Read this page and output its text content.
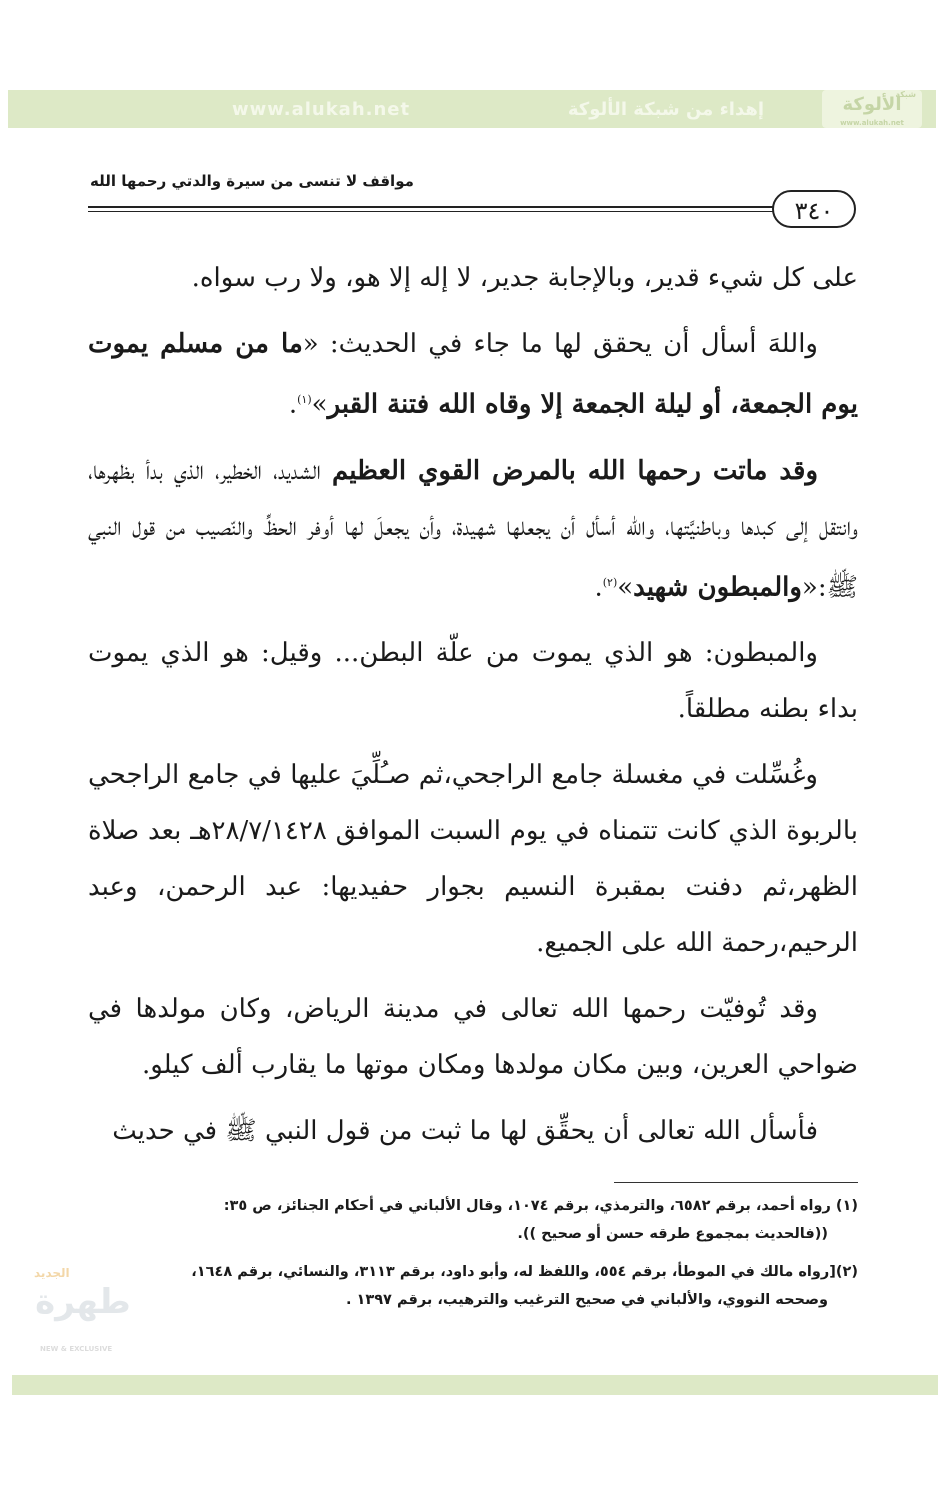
www.alukah.net	إهداء من شبكة الألوكة
شبكة
الألوكة
www.alukah.net
مواقف لا تنسى من سيرة والدتي رحمها الله
٣٤٠

على كل شيء قدير، وبالإجابة جدير، لا إله إلا هو، ولا رب سواه.

واللهَ أسأل أن يحقق لها ما جاء في الحديث: «ما من مسلم يموت يوم الجمعة، أو ليلة الجمعة إلا وقاه الله فتنة القبر»$^{(١)}$.

وقد ماتت رحمها الله بالمرض القوي العظيم الشديد، الخطير، الذي بدأ بظهرها، وانتقل إلى كبدها وباطنيَّتها، والله أسأل أن يجعلها شهيدة، وأن يجعلَ لها أوفر الحظِّ والنّصيب من قول النبي ﷺ:«والمبطون شهيد»$^{(٢)}$.

والمبطون: هو الذي يموت من علّة البطن... وقيل: هو الذي يموت بداء بطنه مطلقاً.

وغُسِّلت في مغسلة جامع الراجحي،ثم صـُلِّيَ عليها في جامع الراجحي بالربوة الذي كانت تتمناه في يوم السبت الموافق ٢٨/٧/١٤٢٨هـ بعد صلاة الظهر،ثم دفنت بمقبرة النسيم بجوار حفيديها: عبد الرحمن، وعبد الرحيم،رحمة الله على الجميع.

وقد تُوفيّت رحمها الله تعالى في مدينة الرياض، وكان مولدها في ضواحي العرين، وبين مكان مولدها ومكان موتها ما يقارب ألف كيلو.

فأسأل الله تعالى أن يحقِّق لها ما ثبت من قول النبي ﷺ في حديث

(١) رواه أحمد، برقم ٦٥٨٢، والترمذي، برقم ١٠٧٤، وقال الألباني في أحكام الجنائز، ص ٣٥:
((فالحديث بمجموع طرقه حسن أو صحيح )).

(٢)[رواه مالك في الموطأ، برقم ٥٥٤، واللفظ له، وأبو داود، برقم ٣١١٣، والنسائي، برقم ١٦٤٨،
وصححه النووي، والألباني في صحيح الترغيب والترهيب، برقم ١٣٩٧ .

الجديد
طهرة
NEW & EXCLUSIVE
